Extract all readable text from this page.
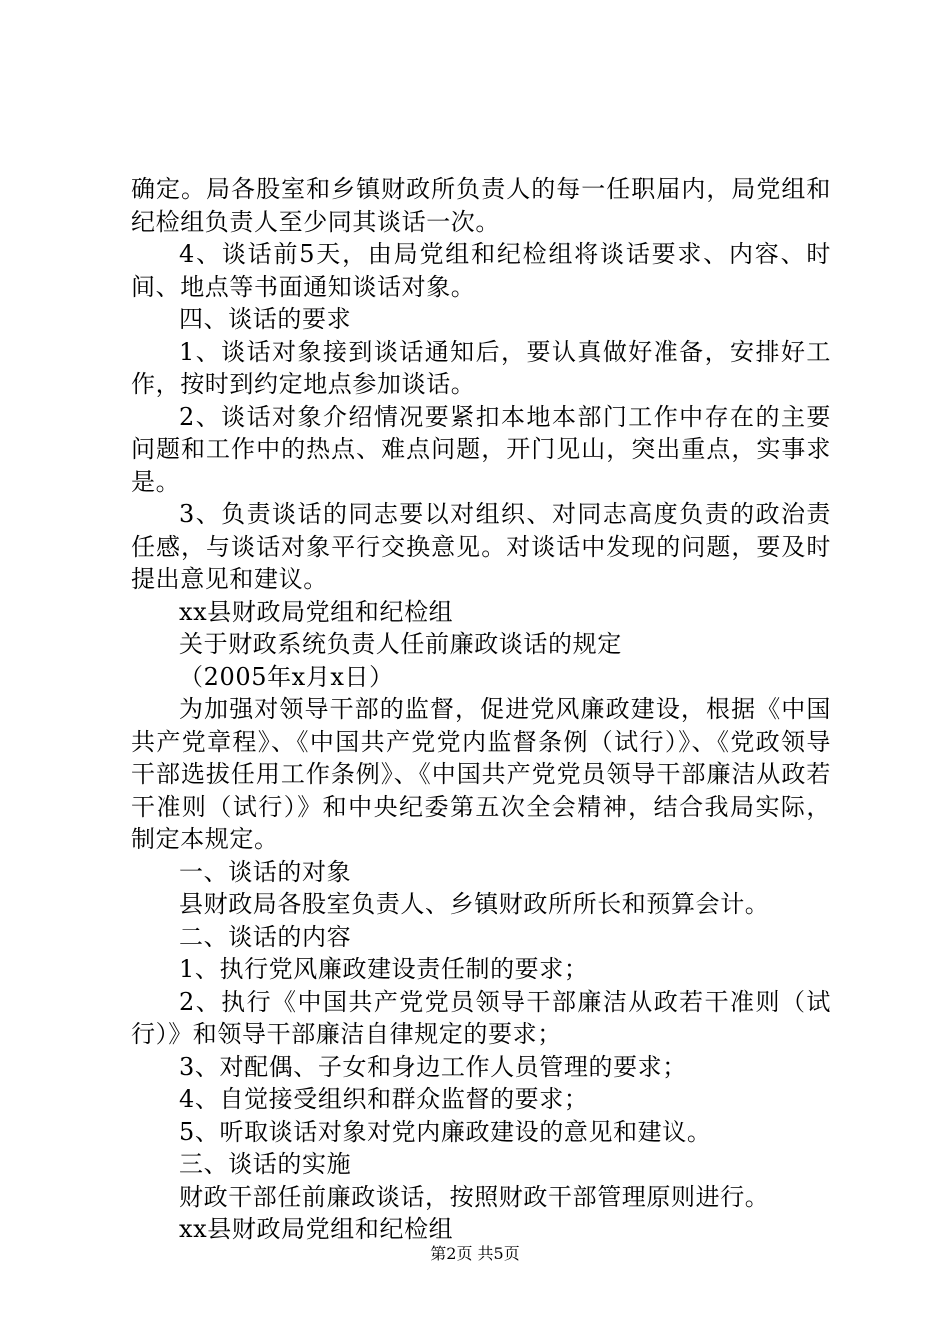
确定。局各股室和乡镇财政所负责人的每一任职届内，局党组和纪检组负责人至少同其谈话一次。

4、谈话前5天，由局党组和纪检组将谈话要求、内容、时间、地点等书面通知谈话对象。

四、谈话的要求

1、谈话对象接到谈话通知后，要认真做好准备，安排好工作，按时到约定地点参加谈话。

2、谈话对象介绍情况要紧扣本地本部门工作中存在的主要问题和工作中的热点、难点问题，开门见山，突出重点，实事求是。

3、负责谈话的同志要以对组织、对同志高度负责的政治责任感，与谈话对象平行交换意见。对谈话中发现的问题，要及时提出意见和建议。

xx县财政局党组和纪检组

关于财政系统负责人任前廉政谈话的规定

（2005年x月x日）

为加强对领导干部的监督，促进党风廉政建设，根据《中国共产党章程》、《中国共产党党内监督条例（试行）》、《党政领导干部选拔任用工作条例》、《中国共产党党员领导干部廉洁从政若干准则（试行）》和中央纪委第五次全会精神，结合我局实际，制定本规定。

一、谈话的对象

县财政局各股室负责人、乡镇财政所所长和预算会计。

二、谈话的内容

1、执行党风廉政建设责任制的要求；

2、执行《中国共产党党员领导干部廉洁从政若干准则（试行）》和领导干部廉洁自律规定的要求；

3、对配偶、子女和身边工作人员管理的要求；

4、自觉接受组织和群众监督的要求；

5、听取谈话对象对党内廉政建设的意见和建议。

三、谈话的实施

财政干部任前廉政谈话，按照财政干部管理原则进行。

xx县财政局党组和纪检组

第2页 共5页
